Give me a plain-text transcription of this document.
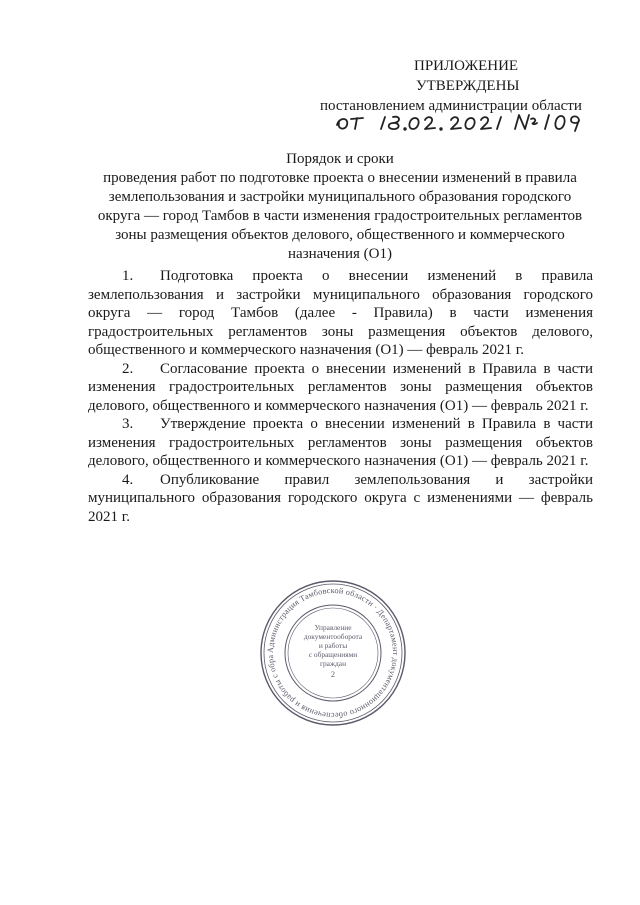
ПРИЛОЖЕНИЕ
УТВЕРЖДЕНЫ
постановлением администрации области
Порядок и сроки
проведения работ по подготовке проекта о внесении изменений в правила
землепользования и застройки муниципального образования городского
округа — город Тамбов в части изменения градостроительных регламентов
зоны размещения объектов делового, общественного и коммерческого
назначения (О1)

1. Подготовка проекта о внесении изменений в правила землепользования и застройки муниципального образования городского округа — город Тамбов (далее - Правила) в части изменения градостроительных регламентов зоны размещения объектов делового, общественного и коммерческого назначения (О1) — февраль 2021 г.

2. Согласование проекта о внесении изменений в Правила в части изменения градостроительных регламентов зоны размещения объектов делового, общественного и коммерческого назначения (О1) — февраль 2021 г.

3. Утверждение проекта о внесении изменений в Правила в части изменения градостроительных регламентов зоны размещения объектов делового, общественного и коммерческого назначения (О1) — февраль 2021 г.

4. Опубликование правил землепользования и застройки муниципального образования городского округа с изменениями — февраль 2021 г.

Администрация Тамбовской области · Департамент документационного обеспечения и работы с обра
Управление
документооборота
и работы
с обращениями
граждан
2
